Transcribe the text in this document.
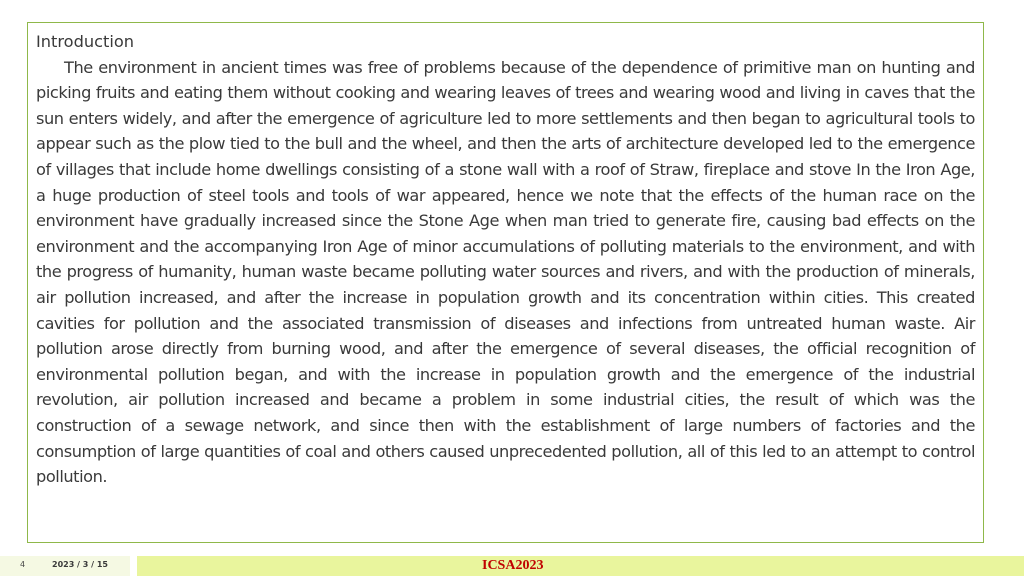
Introduction

The environment in ancient times was free of problems because of the dependence of primitive man on hunting and picking fruits and eating them without cooking and wearing leaves of trees and wearing wood and living in caves that the sun enters widely, and after the emergence of agriculture led to more settlements and then began to agricultural tools to appear such as the plow tied to the bull and the wheel, and then the arts of architecture developed led to the emergence of villages that include home dwellings consisting of a stone wall with a roof of Straw, fireplace and stove In the Iron Age, a huge production of steel tools and tools of war appeared, hence we note that the effects of the human race on the environment have gradually increased since the Stone Age when man tried to generate fire, causing bad effects on the environment and the accompanying Iron Age of minor accumulations of polluting materials to the environment, and with the progress of humanity, human waste became polluting water sources and rivers, and with the production of minerals, air pollution increased, and after the increase in population growth and its concentration within cities. This created cavities for pollution and the associated transmission of diseases and infections from untreated human waste. Air pollution arose directly from burning wood, and after the emergence of several diseases, the official recognition of environmental pollution began, and with the increase in population growth and the emergence of the industrial revolution, air pollution increased and became a problem in some industrial cities, the result of which was the construction of a sewage network, and since then with the establishment of large numbers of factories and the consumption of large quantities of coal and others caused unprecedented pollution, all of this led to an attempt to control pollution.

4	2023 / 3 / 15	ICSA2023
